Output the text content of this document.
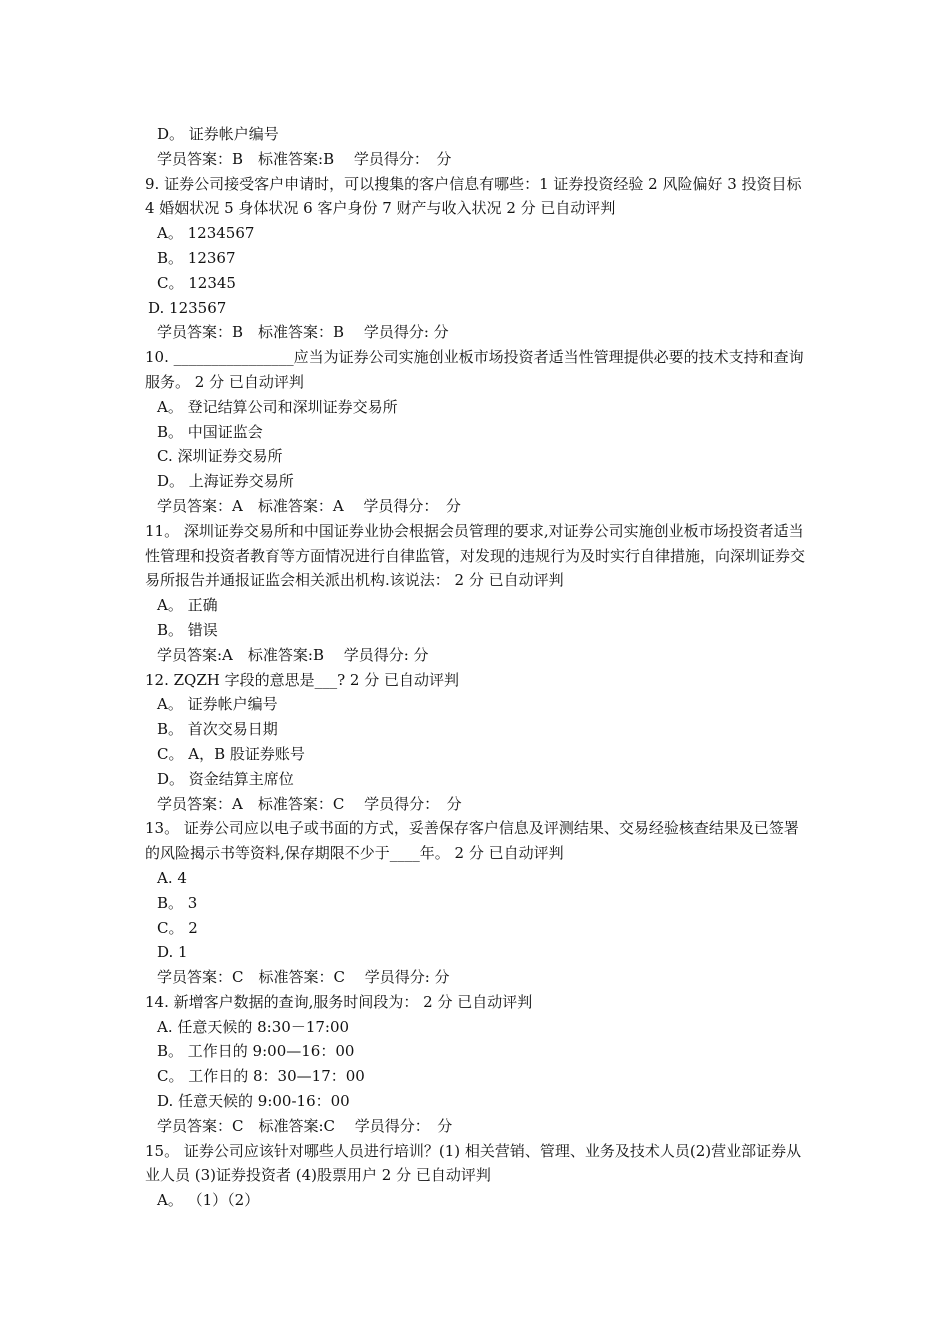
D。 证券帐户编号
学员答案：B　标准答案:B　 学员得分：　分
9. 证券公司接受客户申请时，可以搜集的客户信息有哪些：1 证券投资经验 2 风险偏好 3 投资目标 4 婚姻状况 5 身体状况 6 客户身份 7 财产与收入状况 2 分 已自动评判
A。 1234567
B。 12367
C。 12345
D. 123567
学员答案：B　标准答案：B　 学员得分: 分
10. ________________应当为证券公司实施创业板市场投资者适当性管理提供必要的技术支持和查询服务。 2 分 已自动评判
A。 登记结算公司和深圳证券交易所
B。 中国证监会
C. 深圳证券交易所
D。 上海证券交易所
学员答案：A　标准答案：A　 学员得分：　分
11。 深圳证券交易所和中国证券业协会根据会员管理的要求,对证券公司实施创业板市场投资者适当性管理和投资者教育等方面情况进行自律监管，对发现的违规行为及时实行自律措施，向深圳证券交易所报告并通报证监会相关派出机构.该说法： 2 分 已自动评判
A。 正确
B。 错误
学员答案:A　标准答案:B　 学员得分: 分
12. ZQZH 字段的意思是___? 2 分 已自动评判
A。 证券帐户编号
B。 首次交易日期
C。 A，B 股证券账号
D。 资金结算主席位
学员答案：A　标准答案：C　 学员得分：　分
13。 证券公司应以电子或书面的方式，妥善保存客户信息及评测结果、交易经验核查结果及已签署的风险揭示书等资料,保存期限不少于____年。 2 分 已自动评判
A. 4
B。 3
C。 2
D. 1
学员答案：C　标准答案：C　 学员得分: 分
14. 新增客户数据的查询,服务时间段为： 2 分 已自动评判
A. 任意天候的 8:30－17:00
B。 工作日的 9:00—16：00
C。 工作日的 8：30—17：00
D. 任意天候的 9:00-16：00
学员答案：C　标准答案:C　 学员得分：　分
15。 证券公司应该针对哪些人员进行培训？(1) 相关营销、管理、业务及技术人员(2)营业部证券从业人员 (3)证券投资者 (4)股票用户 2 分 已自动评判
A。 （1）（2）
